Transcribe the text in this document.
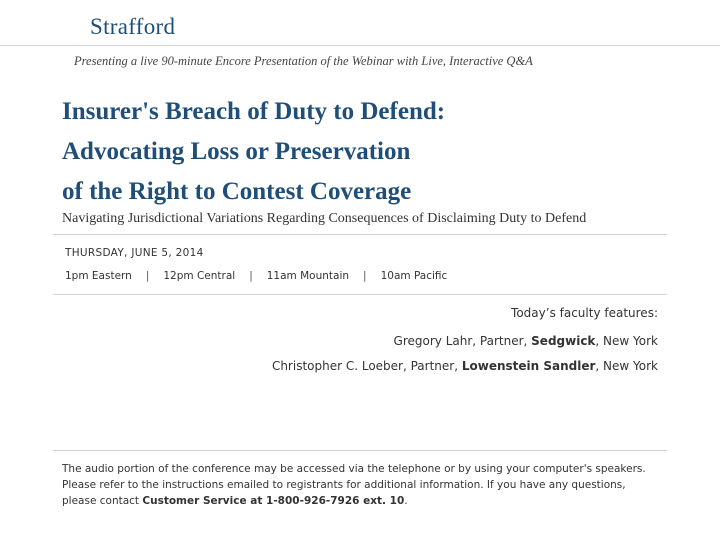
Strafford
Presenting a live 90-minute Encore Presentation of the Webinar with Live, Interactive Q&A
Insurer's Breach of Duty to Defend:
Advocating Loss or Preservation
of the Right to Contest Coverage
Navigating Jurisdictional Variations Regarding Consequences of Disclaiming Duty to Defend
THURSDAY, JUNE 5, 2014
1pm Eastern | 12pm Central | 11am Mountain | 10am Pacific
Today’s faculty features:
Gregory Lahr, Partner, Sedgwick, New York
Christopher C. Loeber, Partner, Lowenstein Sandler, New York

The audio portion of the conference may be accessed via the telephone or by using your computer's speakers. Please refer to the instructions emailed to registrants for additional information. If you have any questions, please contact Customer Service at 1-800-926-7926 ext. 10.
